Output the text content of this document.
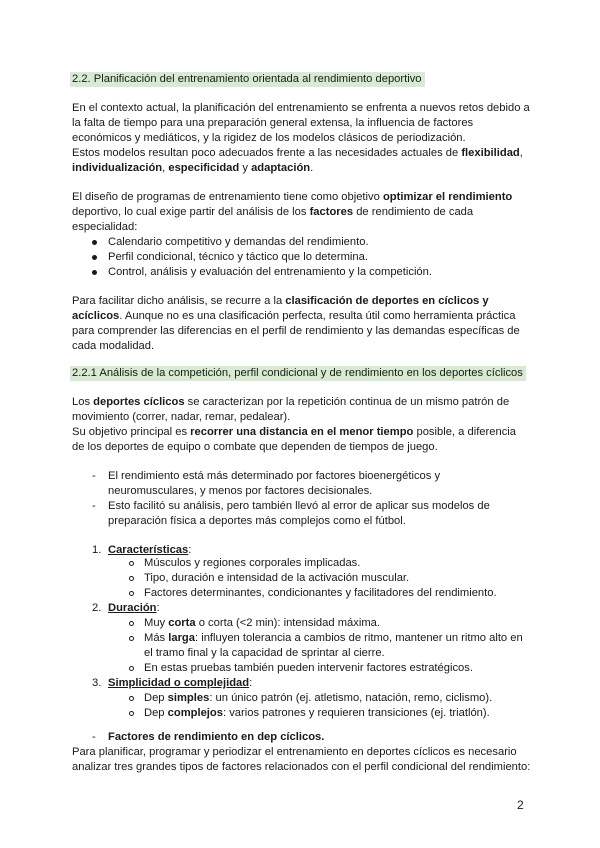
2.2. Planificación del entrenamiento orientada al rendimiento deportivo
En el contexto actual, la planificación del entrenamiento se enfrenta a nuevos retos debido a
la falta de tiempo para una preparación general extensa, la influencia de factores
económicos y mediáticos, y la rigidez de los modelos clásicos de periodización.
Estos modelos resultan poco adecuados frente a las necesidades actuales de flexibilidad,
individualización, especificidad y adaptación.
El diseño de programas de entrenamiento tiene como objetivo optimizar el rendimiento
deportivo, lo cual exige partir del análisis de los factores de rendimiento de cada
especialidad:
Calendario competitivo y demandas del rendimiento.
Perfil condicional, técnico y táctico que lo determina.
Control, análisis y evaluación del entrenamiento y la competición.
Para facilitar dicho análisis, se recurre a la clasificación de deportes en cíclicos y
acíclicos. Aunque no es una clasificación perfecta, resulta útil como herramienta práctica
para comprender las diferencias en el perfil de rendimiento y las demandas específicas de
cada modalidad.
2.2.1 Análisis de la competición, perfil condicional y de rendimiento en los deportes cíclicos
Los deportes cíclicos se caracterizan por la repetición continua de un mismo patrón de
movimiento (correr, nadar, remar, pedalear).
Su objetivo principal es recorrer una distancia en el menor tiempo posible, a diferencia
de los deportes de equipo o combate que dependen de tiempos de juego.
- El rendimiento está más determinado por factores bioenergéticos y
neuromusculares, y menos por factores decisionales.
- Esto facilitó su análisis, pero también llevó al error de aplicar sus modelos de
preparación física a deportes más complejos como el fútbol.
1. Características:
Músculos y regiones corporales implicadas.
Tipo, duración e intensidad de la activación muscular.
Factores determinantes, condicionantes y facilitadores del rendimiento.
2. Duración:
Muy corta o corta (<2 min): intensidad máxima.
Más larga: influyen tolerancia a cambios de ritmo, mantener un ritmo alto en
el tramo final y la capacidad de sprintar al cierre.
En estas pruebas también pueden intervenir factores estratégicos.
3. Simplicidad o complejidad:
Dep simples: un único patrón (ej. atletismo, natación, remo, ciclismo).
Dep complejos: varios patrones y requieren transiciones (ej. triatlón).
- Factores de rendimiento en dep cíclicos.
Para planificar, programar y periodizar el entrenamiento en deportes cíclicos es necesario
analizar tres grandes tipos de factores relacionados con el perfil condicional del rendimiento:
2
